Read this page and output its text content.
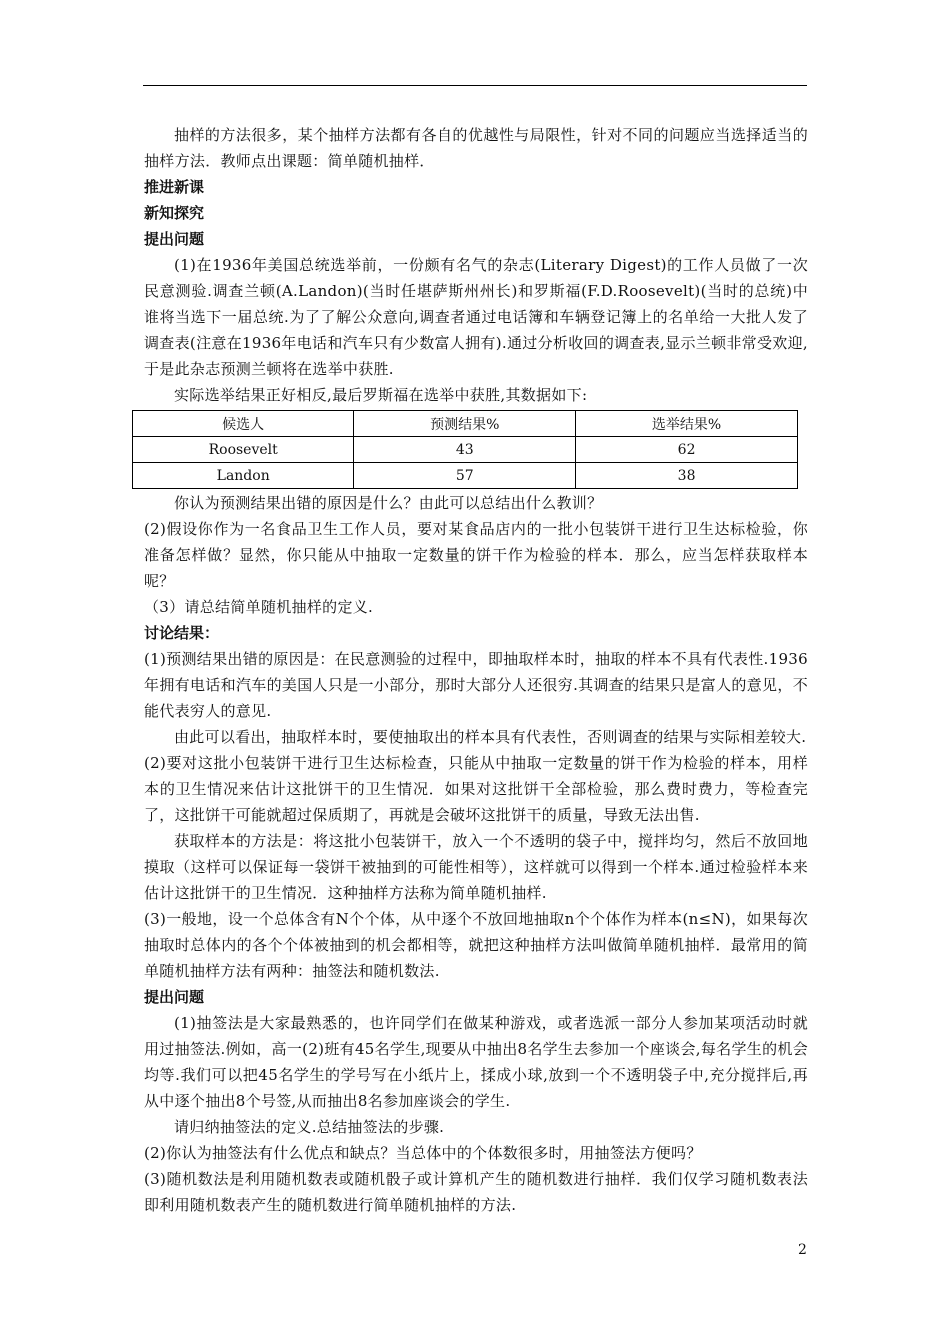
抽样的方法很多，某个抽样方法都有各自的优越性与局限性，针对不同的问题应当选择适当的抽样方法．教师点出课题：简单随机抽样．

推进新课

新知探究

提出问题

(1)在1936年美国总统选举前，一份颇有名气的杂志(Literary Digest)的工作人员做了一次民意测验.调查兰顿(A.Landon)(当时任堪萨斯州州长)和罗斯福(F.D.Roosevelt)(当时的总统)中谁将当选下一届总统.为了了解公众意向,调查者通过电话簿和车辆登记簿上的名单给一大批人发了调查表(注意在1936年电话和汽车只有少数富人拥有).通过分析收回的调查表,显示兰顿非常受欢迎,于是此杂志预测兰顿将在选举中获胜.

实际选举结果正好相反,最后罗斯福在选举中获胜,其数据如下:

候选人	预测结果%	选举结果%
Roosevelt	43	62
Landon	57	38

你认为预测结果出错的原因是什么？由此可以总结出什么教训？

(2)假设你作为一名食品卫生工作人员，要对某食品店内的一批小包装饼干进行卫生达标检验，你准备怎样做？显然，你只能从中抽取一定数量的饼干作为检验的样本．那么，应当怎样获取样本呢？

（3）请总结简单随机抽样的定义.

讨论结果：

(1)预测结果出错的原因是：在民意测验的过程中，即抽取样本时，抽取的样本不具有代表性.1936年拥有电话和汽车的美国人只是一小部分，那时大部分人还很穷.其调查的结果只是富人的意见，不能代表穷人的意见.

由此可以看出，抽取样本时，要使抽取出的样本具有代表性，否则调查的结果与实际相差较大.

(2)要对这批小包装饼干进行卫生达标检查，只能从中抽取一定数量的饼干作为检验的样本，用样本的卫生情况来估计这批饼干的卫生情况．如果对这批饼干全部检验，那么费时费力，等检查完了，这批饼干可能就超过保质期了，再就是会破坏这批饼干的质量，导致无法出售.

获取样本的方法是：将这批小包装饼干，放入一个不透明的袋子中，搅拌均匀，然后不放回地摸取（这样可以保证每一袋饼干被抽到的可能性相等），这样就可以得到一个样本.通过检验样本来估计这批饼干的卫生情况．这种抽样方法称为简单随机抽样.

(3)一般地，设一个总体含有N个个体，从中逐个不放回地抽取n个个体作为样本(n≤N)，如果每次抽取时总体内的各个个体被抽到的机会都相等，就把这种抽样方法叫做简单随机抽样．最常用的简单随机抽样方法有两种：抽签法和随机数法.

提出问题

(1)抽签法是大家最熟悉的，也许同学们在做某种游戏，或者选派一部分人参加某项活动时就用过抽签法.例如，高一(2)班有45名学生,现要从中抽出8名学生去参加一个座谈会,每名学生的机会均等.我们可以把45名学生的学号写在小纸片上，揉成小球,放到一个不透明袋子中,充分搅拌后,再从中逐个抽出8个号签,从而抽出8名参加座谈会的学生.

请归纳抽签法的定义.总结抽签法的步骤.

(2)你认为抽签法有什么优点和缺点？当总体中的个体数很多时，用抽签法方便吗？

(3)随机数法是利用随机数表或随机骰子或计算机产生的随机数进行抽样．我们仅学习随机数表法即利用随机数表产生的随机数进行简单随机抽样的方法.

2
